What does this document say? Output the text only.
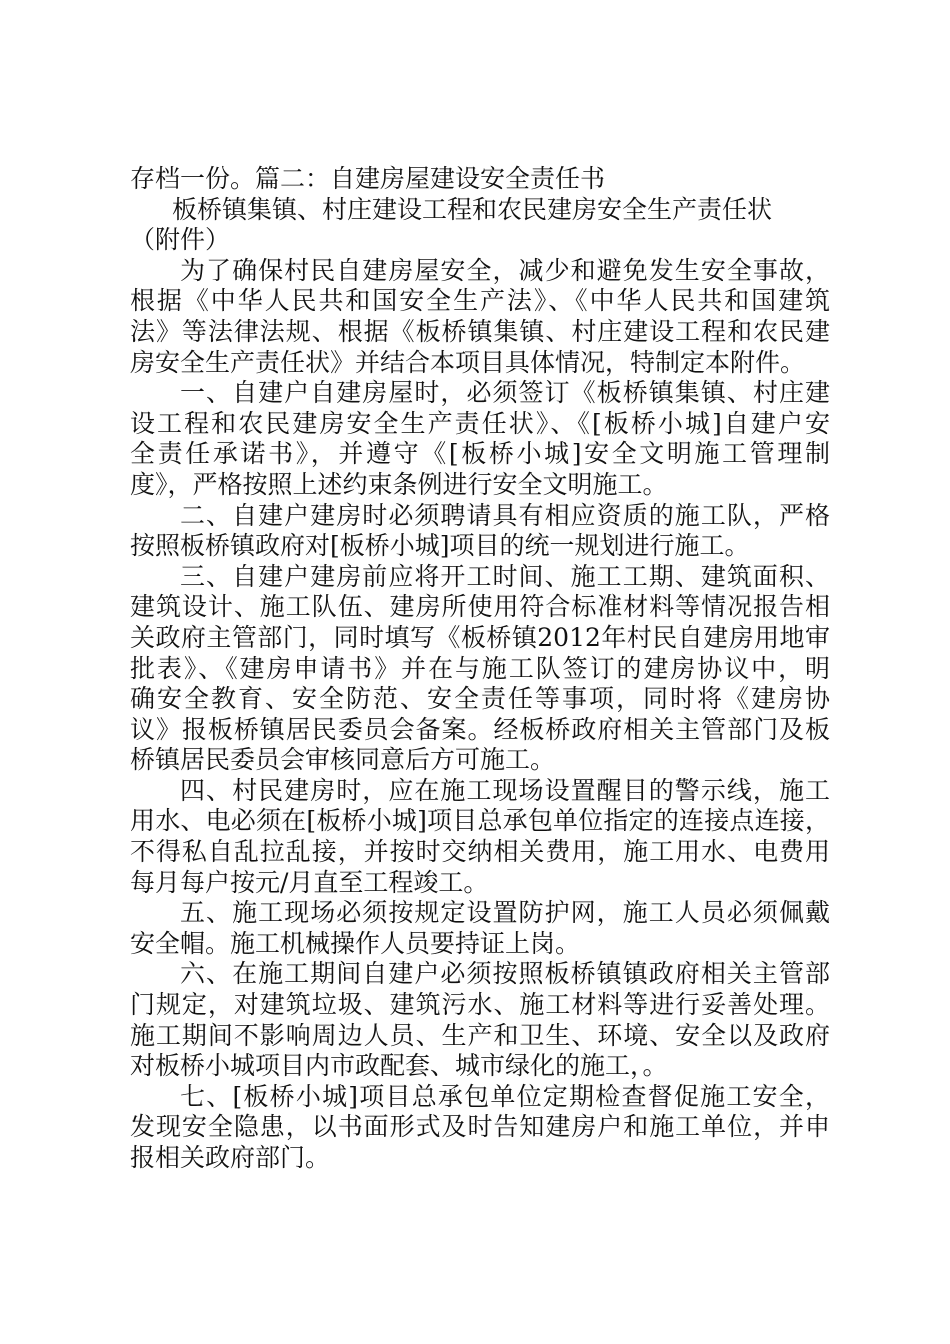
存档一份。篇二：自建房屋建设安全责任书
板桥镇集镇、村庄建设工程和农民建房安全生产责任状
（附件）
为了确保村民自建房屋安全，减少和避免发生安全事故，
根据《中华人民共和国安全生产法》、《中华人民共和国建筑
法》等法律法规、根据《板桥镇集镇、村庄建设工程和农民建
房安全生产责任状》并结合本项目具体情况，特制定本附件。
一、自建户自建房屋时，必须签订《板桥镇集镇、村庄建
设工程和农民建房安全生产责任状》、《[板桥小城]自建户安
全责任承诺书》，并遵守《[板桥小城]安全文明施工管理制
度》，严格按照上述约束条例进行安全文明施工。
二、自建户建房时必须聘请具有相应资质的施工队，严格
按照板桥镇政府对[板桥小城]项目的统一规划进行施工。
三、自建户建房前应将开工时间、施工工期、建筑面积、
建筑设计、施工队伍、建房所使用符合标准材料等情况报告相
关政府主管部门，同时填写《板桥镇2012年村民自建房用地审
批表》、《建房申请书》并在与施工队签订的建房协议中，明
确安全教育、安全防范、安全责任等事项，同时将《建房协
议》报板桥镇居民委员会备案。经板桥政府相关主管部门及板
桥镇居民委员会审核同意后方可施工。
四、村民建房时，应在施工现场设置醒目的警示线，施工
用水、电必须在[板桥小城]项目总承包单位指定的连接点连接，
不得私自乱拉乱接，并按时交纳相关费用，施工用水、电费用
每月每户按元/月直至工程竣工。
五、施工现场必须按规定设置防护网，施工人员必须佩戴
安全帽。施工机械操作人员要持证上岗。
六、在施工期间自建户必须按照板桥镇镇政府相关主管部
门规定，对建筑垃圾、建筑污水、施工材料等进行妥善处理。
施工期间不影响周边人员、生产和卫生、环境、安全以及政府
对板桥小城项目内市政配套、城市绿化的施工，。
七、[板桥小城]项目总承包单位定期检查督促施工安全，
发现安全隐患，以书面形式及时告知建房户和施工单位，并申
报相关政府部门。
